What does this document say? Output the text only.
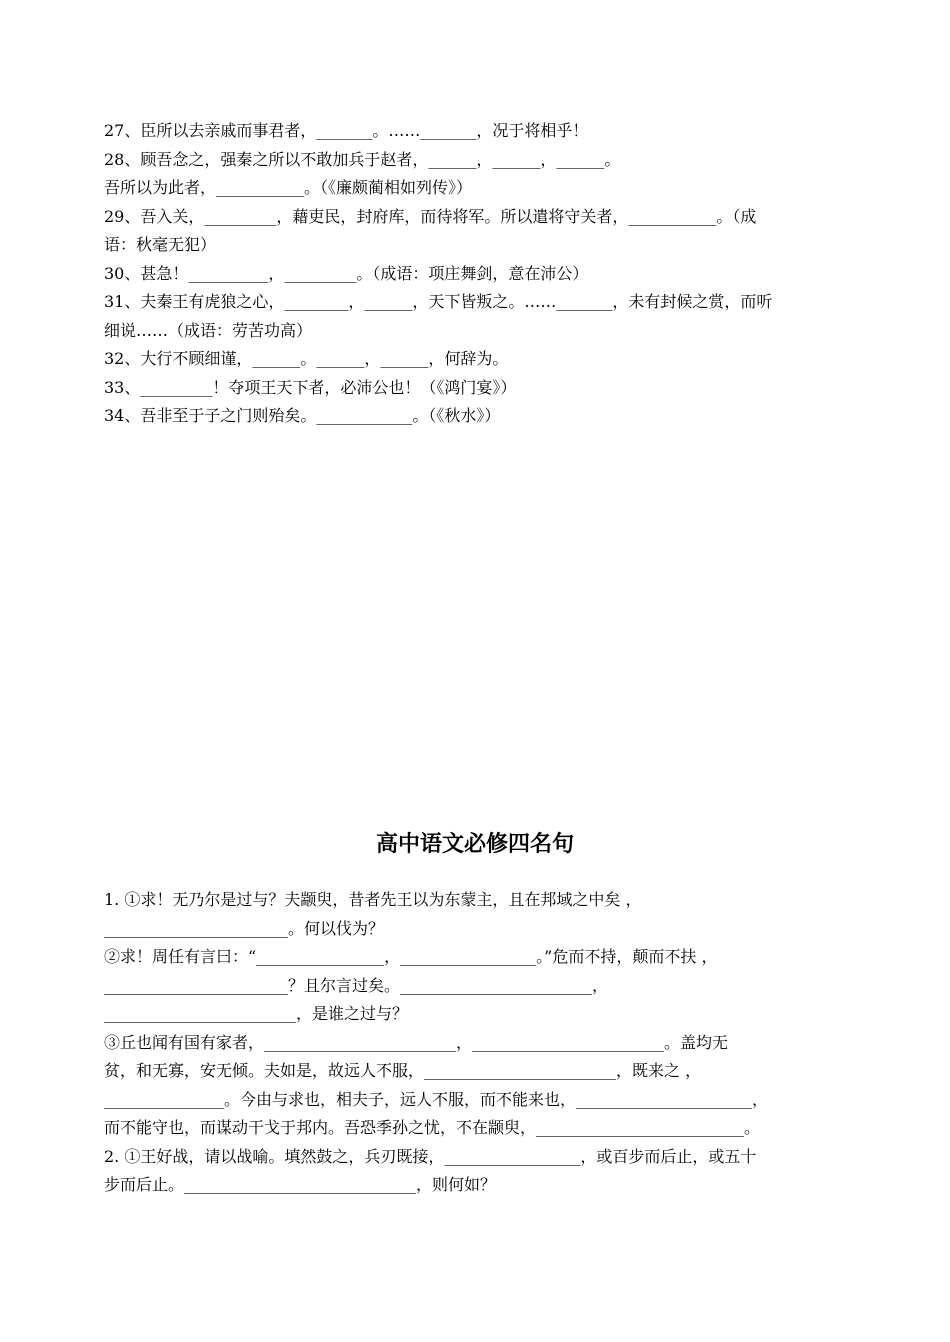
27、臣所以去亲戚而事君者，_______。……_______，况于将相乎！
28、顾吾念之，强秦之所以不敢加兵于赵者，______，______，______。
吾所以为此者，___________。（《廉颇蔺相如列传》）
29、吾入关，_________，藉吏民，封府库，而待将军。所以遣将守关者，___________。（成
语：秋毫无犯）
30、甚急！__________，_________。（成语：项庄舞剑，意在沛公）
31、夫秦王有虎狼之心，________，______，天下皆叛之。……_______，未有封候之赏，而听
细说……（成语：劳苦功高）
32、大行不顾细谨，______。______，______，何辞为。
33、_________！夺项王天下者，必沛公也！（《鸿门宴》）
34、吾非至于子之门则殆矣。____________。（《秋水》）
高中语文必修四名句
1. ①求！无乃尔是过与？夫颛臾，昔者先王以为东蒙主，且在邦域之中矣 ，
_______________________。何以伐为？
②求！周任有言曰：“________________，_________________。”危而不持，颠而不扶 ，
_______________________？且尔言过矣。________________________，
________________________，是谁之过与？
③丘也闻有国有家者，________________________，________________________。盖均无
贫，和无寡，安无倾。夫如是，故远人不服，________________________，既来之 ，
_______________。今由与求也，相夫子，远人不服，而不能来也，______________________，
而不能守也，而谋动干戈于邦内。吾恐季孙之忧，不在颛臾，__________________________。
2. ①王好战，请以战喻。填然鼓之，兵刃既接，_________________，或百步而后止，或五十
步而后止。_____________________________，则何如？
